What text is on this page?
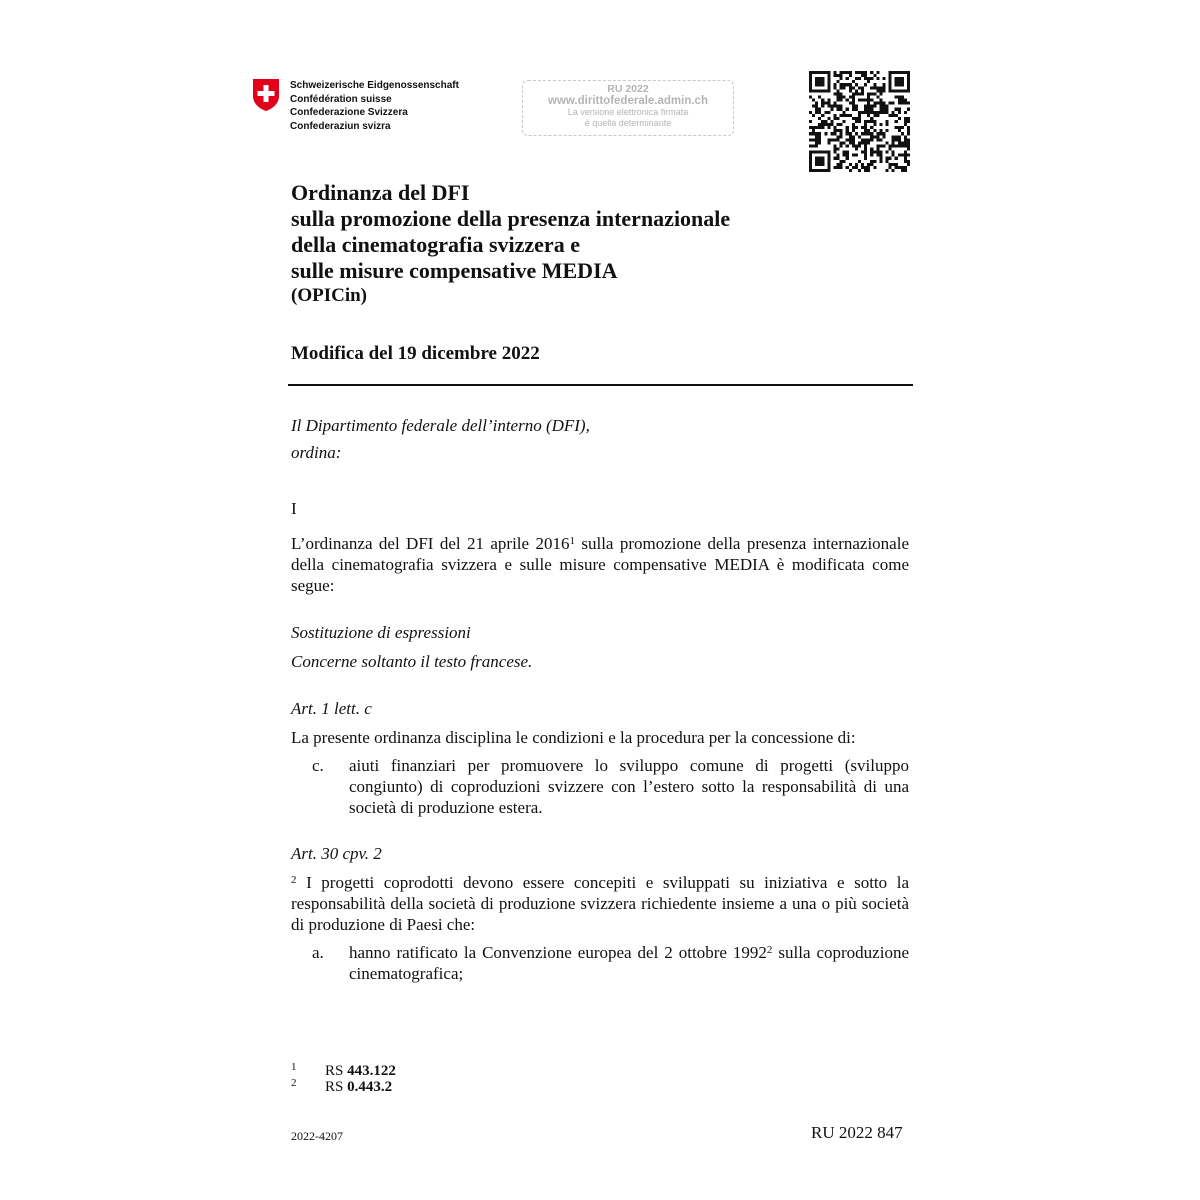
Schweizerische Eidgenossenschaft
Confédération suisse
Confederazione Svizzera
Confederaziun svizra
RU 2022
www.dirittofederale.admin.ch
La versione elettronica firmata
è quella determinante
Ordinanza del DFI
sulla promozione della presenza internazionale
della cinematografia svizzera e
sulle misure compensative MEDIA
(OPICin)
Modifica del 19 dicembre 2022
Il Dipartimento federale dell’interno (DFI),
ordina:
I
L’ordinanza del DFI del 21 aprile 2016$^1$ sulla promozione della presenza internazionale della cinematografia svizzera e sulle misure compensative MEDIA è modificata come segue:
Sostituzione di espressioni
Concerne soltanto il testo francese.
Art. 1 lett. c
La presente ordinanza disciplina le condizioni e la procedura per la concessione di:
c. aiuti finanziari per promuovere lo sviluppo comune di progetti (sviluppo congiunto) di coproduzioni svizzere con l’estero sotto la responsabilità di una società di produzione estera.
Art. 30 cpv. 2
$^2$ I progetti coprodotti devono essere concepiti e sviluppati su iniziativa e sotto la responsabilità della società di produzione svizzera richiedente insieme a una o più società di produzione di Paesi che:
a. hanno ratificato la Convenzione europea del 2 ottobre 1992$^2$ sulla coproduzione cinematografica;
1 RS 443.122
2 RS 0.443.2
2022-4207	RU 2022 847
